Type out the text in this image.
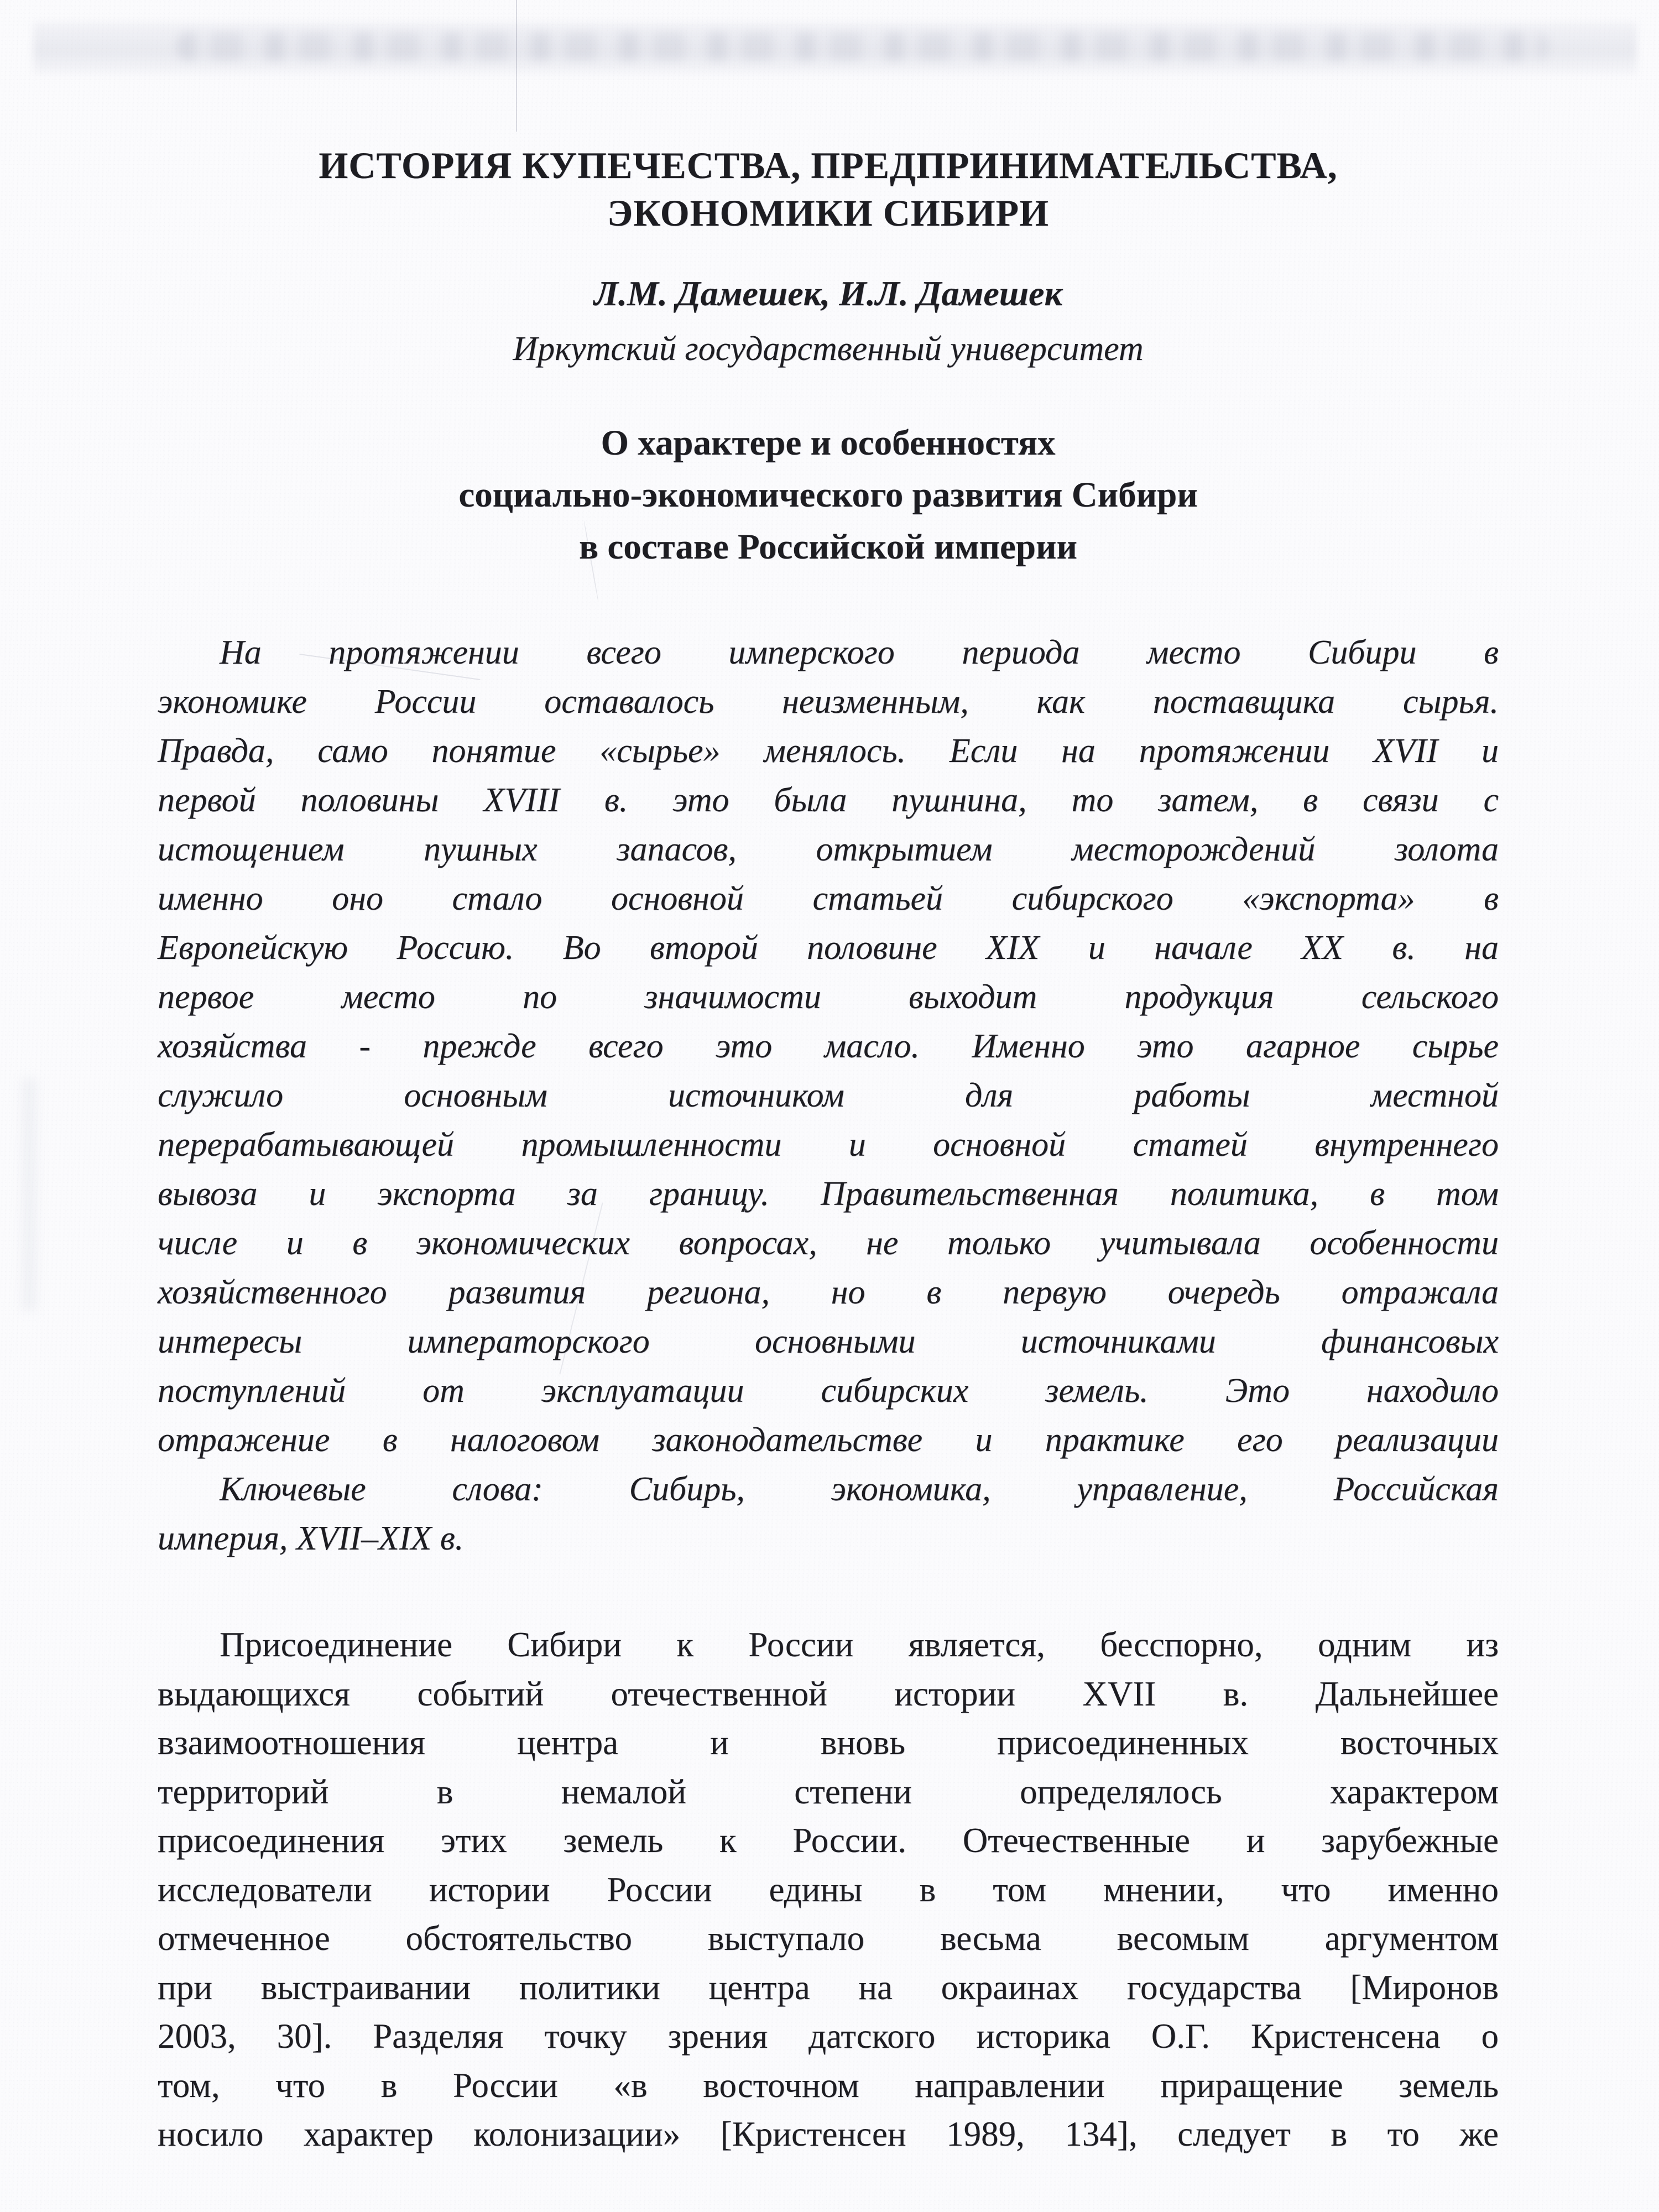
ИСТОРИЯ КУПЕЧЕСТВА, ПРЕДПРИНИМАТЕЛЬСТВА,
ЭКОНОМИКИ СИБИРИ
Л.М. Дамешек, И.Л. Дамешек
Иркутский государственный университет
О характере и особенностях
социально-экономического развития Сибири
в составе Российской империи
На протяжении всего имперского периода место Сибири в
экономике России оставалось неизменным, как поставщика сырья.
Правда, само понятие «сырье» менялось. Если на протяжении XVII и
первой половины XVIII в. это была пушнина, то затем, в связи с
истощением пушных запасов, открытием месторождений золота
именно оно стало основной статьей сибирского «экспорта» в
Европейскую Россию. Во второй половине XIX и начале XX в. на
первое место по значимости выходит продукция сельского
хозяйства - прежде всего это масло. Именно это агарное сырье
служило основным источником для работы местной
перерабатывающей промышленности и основной статей внутреннего
вывоза и экспорта за границу. Правительственная политика, в том
числе и в экономических вопросах, не только учитывала особенности
хозяйственного развития региона, но в первую очередь отражала
интересы императорского основными источниками финансовых
поступлений от эксплуатации сибирских земель. Это находило
отражение в налоговом законодательстве и практике его реализации
Ключевые слова: Сибирь, экономика, управление, Российская
империя, XVII–XIX в.
Присоединение Сибири к России является, бесспорно, одним из
выдающихся событий отечественной истории XVII в. Дальнейшее
взаимоотношения центра и вновь присоединенных восточных
территорий в немалой степени определялось характером
присоединения этих земель к России. Отечественные и зарубежные
исследователи истории России едины в том мнении, что именно
отмеченное обстоятельство выступало весьма весомым аргументом
при выстраивании политики центра на окраинах государства [Миронов
2003, 30]. Разделяя точку зрения датского историка О.Г. Кристенсена о
том, что в России «в восточном направлении приращение земель
носило характер колонизации» [Кристенсен 1989, 134], следует в то же
